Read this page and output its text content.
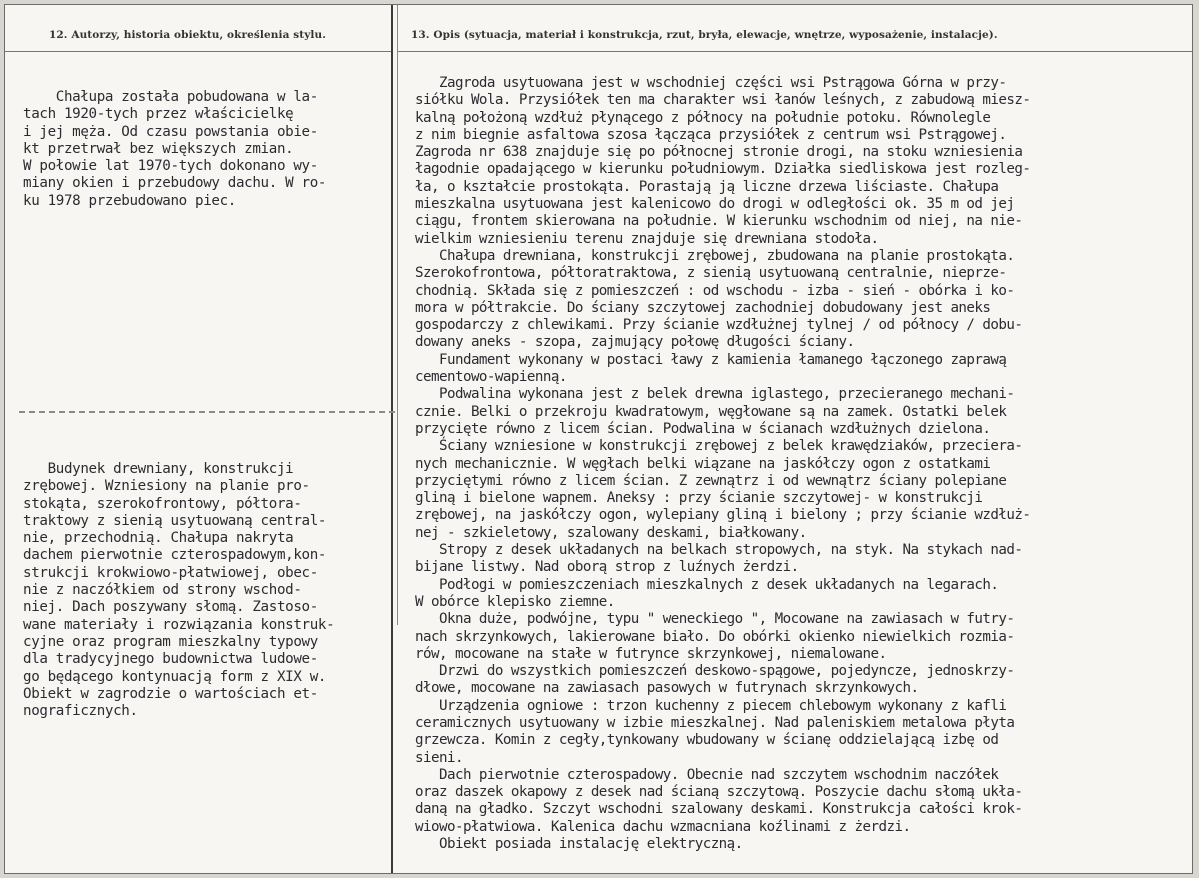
12. Autorzy, historia obiektu, określenia stylu.	13. Opis (sytuacja, materiał i konstrukcja, rzut, bryła, elewacje, wnętrze, wyposażenie, instalacje).
Chałupa została pobudowana w la-
tach 1920-tych przez właścicielkę
i jej męża. Od czasu powstania obie-
kt przetrwał bez większych zmian.
W połowie lat 1970-tych dokonano wy-
miany okien i przebudowy dachu. W ro-
ku 1978 przebudowano piec.
Budynek drewniany, konstrukcji
zrębowej. Wzniesiony na planie pro-
stokąta, szerokofrontowy, półtora-
traktowy z sienią usytuowaną central-
nie, przechodnią. Chałupa nakryta
dachem pierwotnie czterospadowym,kon-
strukcji krokwiowo-płatwiowej, obec-
nie z naczółkiem od strony wschod-
niej. Dach poszywany słomą. Zastoso-
wane materiały i rozwiązania konstruk-
cyjne oraz program mieszkalny typowy
dla tradycyjnego budownictwa ludowe-
go będącego kontynuacją form z XIX w.
Obiekt w zagrodzie o wartościach et-
nograficznych.
Zagroda usytuowana jest w wschodniej części wsi Pstrągowa Górna w przy-
siółku Wola. Przysiółek ten ma charakter wsi łanów leśnych, z zabudową miesz-
kalną położoną wzdłuż płynącego z północy na południe potoku. Równolegle
z nim biegnie asfaltowa szosa łącząca przysiółek z centrum wsi Pstrągowej.
Zagroda nr 638 znajduje się po północnej stronie drogi, na stoku wzniesienia
łagodnie opadającego w kierunku południowym. Działka siedliskowa jest rozleg-
ła, o kształcie prostokąta. Porastają ją liczne drzewa liściaste. Chałupa
mieszkalna usytuowana jest kalenicowo do drogi w odległości ok. 35 m od jej
ciągu, frontem skierowana na południe. W kierunku wschodnim od niej, na nie-
wielkim wzniesieniu terenu znajduje się drewniana stodoła.
Chałupa drewniana, konstrukcji zrębowej, zbudowana na planie prostokąta.
Szerokofrontowa, półtoratraktowa, z sienią usytuowaną centralnie, nieprze-
chodnią. Składa się z pomieszczeń : od wschodu - izba - sień - obórka i ko-
mora w półtrakcie. Do ściany szczytowej zachodniej dobudowany jest aneks
gospodarczy z chlewikami. Przy ścianie wzdłużnej tylnej / od północy / dobu-
dowany aneks - szopa, zajmujący połowę długości ściany.
Fundament wykonany w postaci ławy z kamienia łamanego łączonego zaprawą
cementowo-wapienną.
Podwalina wykonana jest z belek drewna iglastego, przecieranego mechani-
cznie. Belki o przekroju kwadratowym, węgłowane są na zamek. Ostatki belek
przycięte równo z licem ścian. Podwalina w ścianach wzdłużnych dzielona.
Ściany wzniesione w konstrukcji zrębowej z belek krawędziaków, przeciera-
nych mechanicznie. W węgłach belki wiązane na jaskółczy ogon z ostatkami
przyciętymi równo z licem ścian. Z zewnątrz i od wewnątrz ściany polepiane
gliną i bielone wapnem. Aneksy : przy ścianie szczytowej- w konstrukcji
zrębowej, na jaskółczy ogon, wylepiany gliną i bielony ; przy ścianie wzdłuż-
nej - szkieletowy, szalowany deskami, białkowany.
Stropy z desek układanych na belkach stropowych, na styk. Na stykach nad-
bijane listwy. Nad oborą strop z luźnych żerdzi.
Podłogi w pomieszczeniach mieszkalnych z desek układanych na legarach.
W obórce klepisko ziemne.
Okna duże, podwójne, typu " weneckiego ", Mocowane na zawiasach w futry-
nach skrzynkowych, lakierowane biało. Do obórki okienko niewielkich rozmia-
rów, mocowane na stałe w futrynce skrzynkowej, niemalowane.
Drzwi do wszystkich pomieszczeń deskowo-spągowe, pojedyncze, jednoskrzy-
dłowe, mocowane na zawiasach pasowych w futrynach skrzynkowych.
Urządzenia ogniowe : trzon kuchenny z piecem chlebowym wykonany z kafli
ceramicznych usytuowany w izbie mieszkalnej. Nad paleniskiem metalowa płyta
grzewcza. Komin z cegły,tynkowany wbudowany w ścianę oddzielającą izbę od
sieni.
Dach pierwotnie czterospadowy. Obecnie nad szczytem wschodnim naczółek
oraz daszek okapowy z desek nad ścianą szczytową. Poszycie dachu słomą ukła-
daną na gładko. Szczyt wschodni szalowany deskami. Konstrukcja całości krok-
wiowo-płatwiowa. Kalenica dachu wzmacniana koźlinami z żerdzi.
Obiekt posiada instalację elektryczną.
